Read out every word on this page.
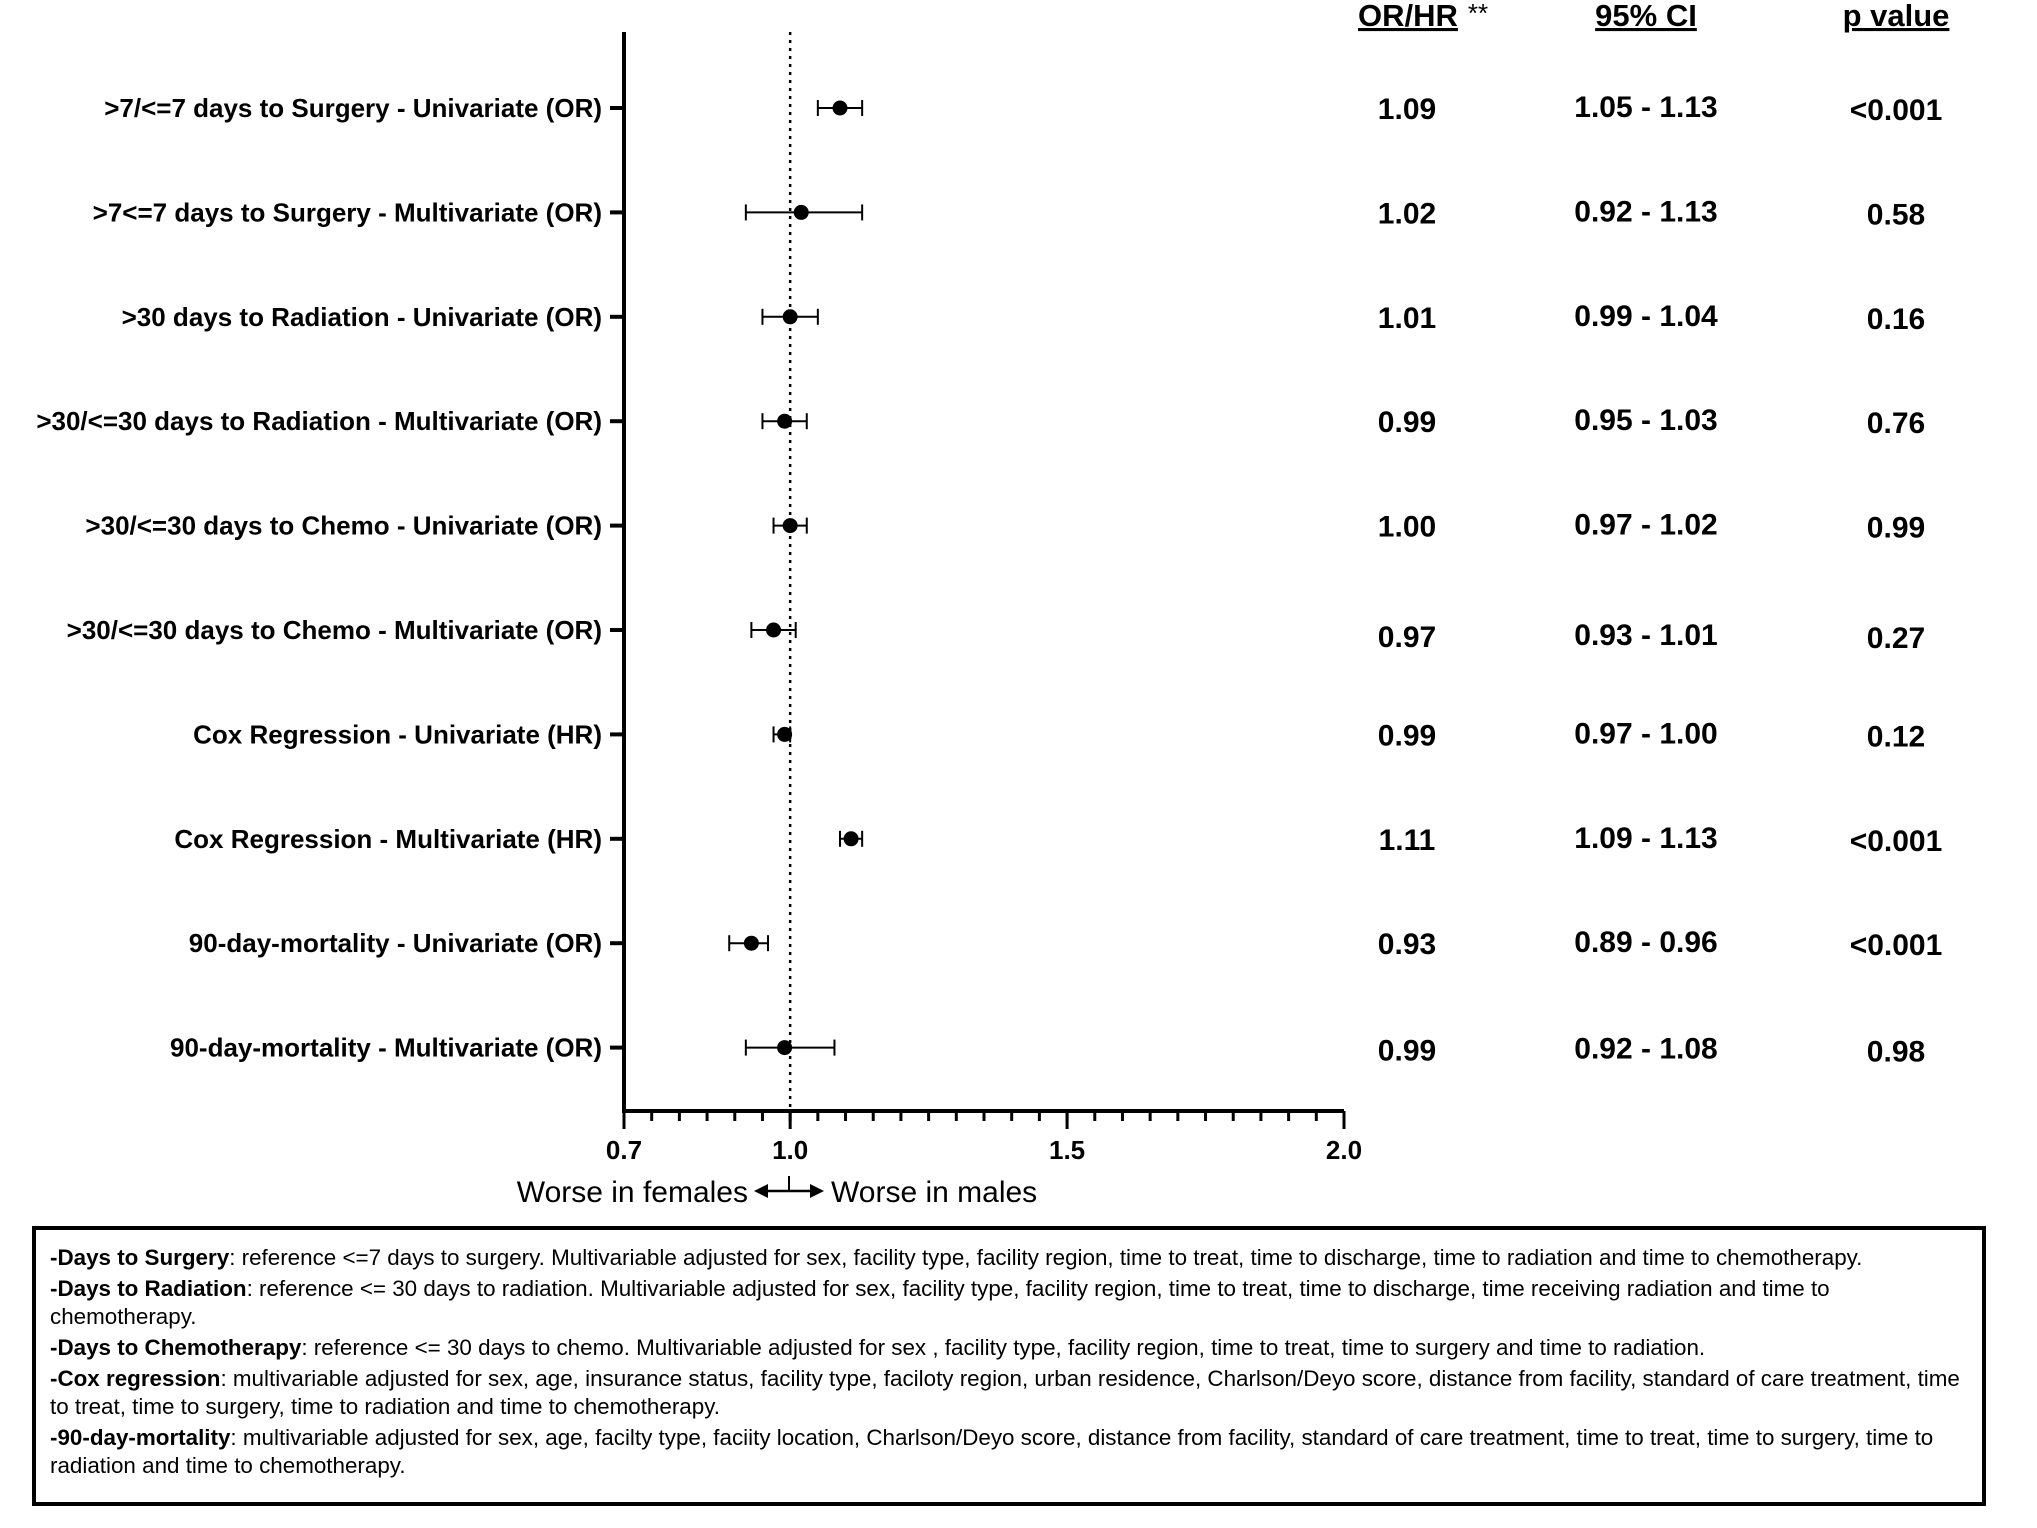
0.7	1.0	1.5	2.0
>7/<=7 days to Surgery - Univariate (OR)	1.09	1.05 - 1.13	<0.001
>7<=7 days to Surgery - Multivariate (OR)	1.02	0.92 - 1.13	0.58
>30 days to Radiation - Univariate (OR)	1.01	0.99 - 1.04	0.16
>30/<=30 days to Radiation - Multivariate (OR)	0.99	0.95 - 1.03	0.76
>30/<=30 days to Chemo - Univariate (OR)	1.00	0.97 - 1.02	0.99
>30/<=30 days to Chemo - Multivariate (OR)	0.97	0.93 - 1.01	0.27
Cox Regression - Univariate (HR)	0.99	0.97 - 1.00	0.12
Cox Regression - Multivariate (HR)	1.11	1.09 - 1.13	<0.001
90-day-mortality - Univariate (OR)	0.93	0.89 - 0.96	<0.001
90-day-mortality - Multivariate (OR)	0.99	0.92 - 1.08	0.98
OR/HR **	95% CI	p value
Worse in females	Worse in males

-Days to Surgery: reference <=7 days to surgery. Multivariable adjusted for sex, facility type, facility region, time to treat, time to discharge, time to radiation and time to chemotherapy.

-Days to Radiation: reference <= 30 days to radiation. Multivariable adjusted for sex, facility type, facility region, time to treat, time to discharge, time receiving radiation and time to chemotherapy.

-Days to Chemotherapy: reference <= 30 days to chemo. Multivariable adjusted for sex , facility type, facility region, time to treat, time to surgery and time to radiation.

-Cox regression: multivariable adjusted for sex, age, insurance status, facility type, faciloty region, urban residence, Charlson/Deyo score, distance from facility, standard of care treatment, time to treat, time to surgery, time to radiation and time to chemotherapy.

-90-day-mortality: multivariable adjusted for sex, age, facilty type, faciity location, Charlson/Deyo score, distance from facility, standard of care treatment, time to treat, time to surgery, time to radiation and time to chemotherapy.
